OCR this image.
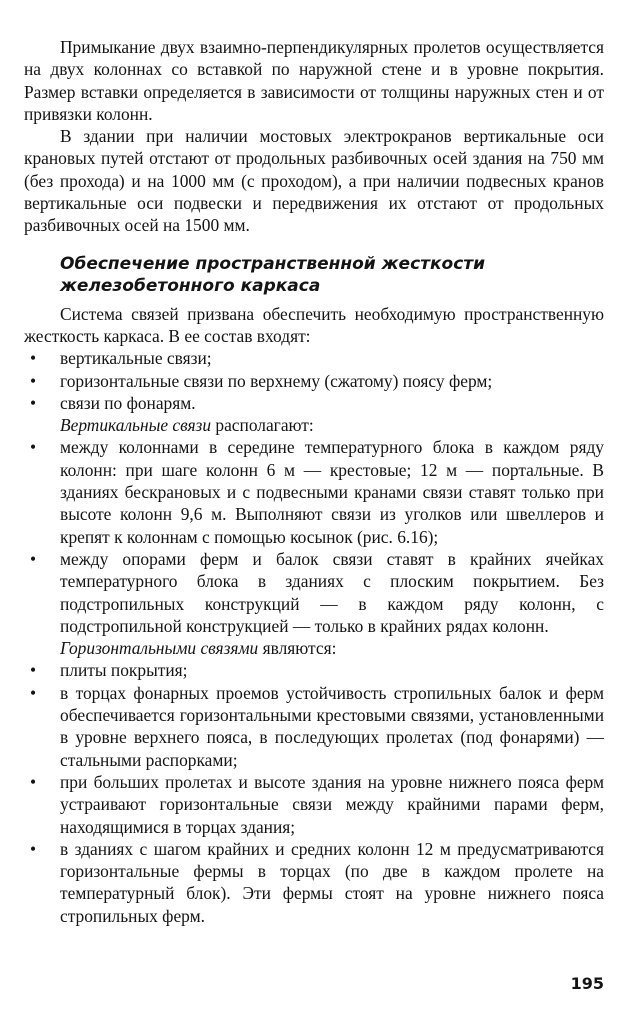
Примыкание двух взаимно-перпендикулярных пролетов осуществляется на двух колоннах со вставкой по наружной стене и в уровне покрытия. Размер вставки определяется в зависимости от толщины наружных стен и от привязки колонн.

В здании при наличии мостовых электрокранов вертикальные оси крановых путей отстают от продольных разбивочных осей здания на 750 мм (без прохода) и на 1000 мм (с проходом), а при наличии подвесных кранов вертикальные оси подвески и передвижения их отстают от продольных разбивочных осей на 1500 мм.

Обеспечение пространственной жесткости
железобетонного каркаса

Система связей призвана обеспечить необходимую пространственную жесткость каркаса. В ее состав входят:

• вертикальные связи;
• горизонтальные связи по верхнему (сжатому) поясу ферм;
• связи по фонарям.

Вертикальные связи располагают:

• между колоннами в середине температурного блока в каждом ряду колонн: при шаге колонн 6 м — крестовые; 12 м — портальные. В зданиях бескрановых и с подвесными кранами связи ставят только при высоте колонн 9,6 м. Выполняют связи из уголков или швеллеров и крепят к колоннам с помощью косынок (рис. 6.16);
• между опорами ферм и балок связи ставят в крайних ячейках температурного блока в зданиях с плоским покрытием. Без подстропильных конструкций — в каждом ряду колонн, с подстропильной конструкцией — только в крайних рядах колонн.

Горизонтальными связями являются:

• плиты покрытия;
• в торцах фонарных проемов устойчивость стропильных балок и ферм обеспечивается горизонтальными крестовыми связями, установленными в уровне верхнего пояса, в последующих пролетах (под фонарями) — стальными распорками;
• при больших пролетах и высоте здания на уровне нижнего пояса ферм устраивают горизонтальные связи между крайними парами ферм, находящимися в торцах здания;
• в зданиях с шагом крайних и средних колонн 12 м предусматриваются горизонтальные фермы в торцах (по две в каждом пролете на температурный блок). Эти фермы стоят на уровне нижнего пояса стропильных ферм.
195
